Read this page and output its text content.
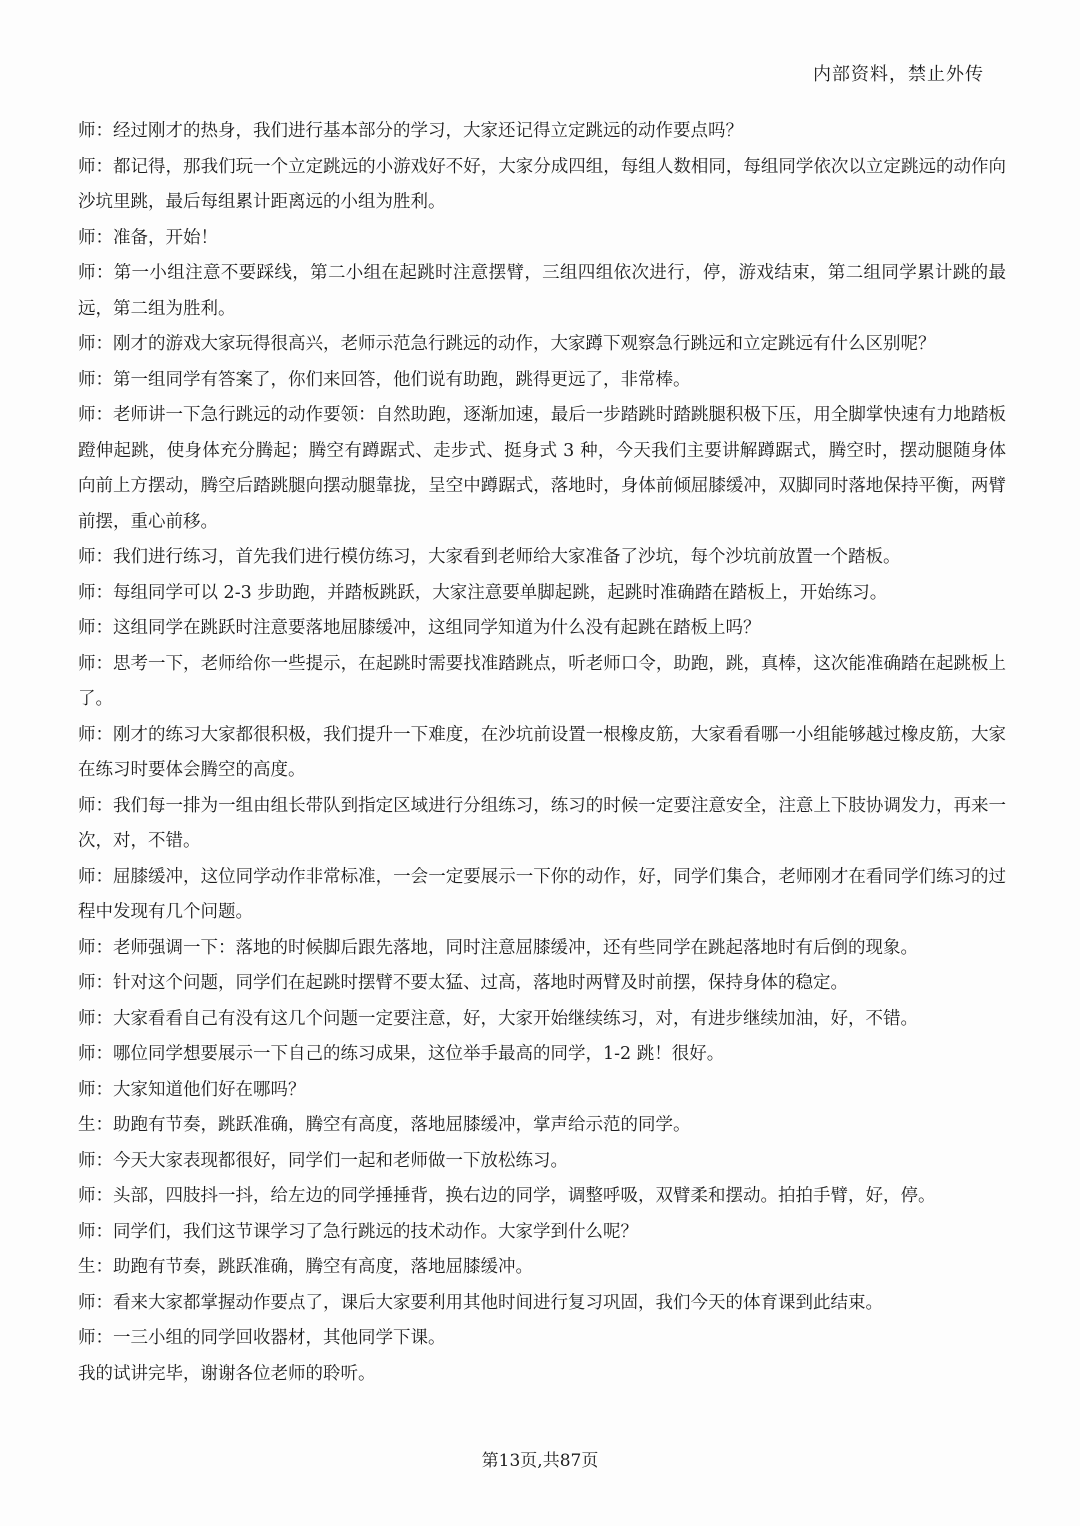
内部资料，禁止外传

师：经过刚才的热身，我们进行基本部分的学习，大家还记得立定跳远的动作要点吗？

师：都记得，那我们玩一个立定跳远的小游戏好不好，大家分成四组，每组人数相同，每组同学依次以立定跳远的动作向沙坑里跳，最后每组累计距离远的小组为胜利。

师：准备，开始！

师：第一小组注意不要踩线，第二小组在起跳时注意摆臂，三组四组依次进行，停，游戏结束，第二组同学累计跳的最远，第二组为胜利。

师：刚才的游戏大家玩得很高兴，老师示范急行跳远的动作，大家蹲下观察急行跳远和立定跳远有什么区别呢？

师：第一组同学有答案了，你们来回答，他们说有助跑，跳得更远了，非常棒。

师：老师讲一下急行跳远的动作要领：自然助跑，逐渐加速，最后一步踏跳时踏跳腿积极下压，用全脚掌快速有力地踏板蹬伸起跳，使身体充分腾起；腾空有蹲踞式、走步式、挺身式 3 种，今天我们主要讲解蹲踞式，腾空时，摆动腿随身体向前上方摆动，腾空后踏跳腿向摆动腿靠拢，呈空中蹲踞式，落地时，身体前倾屈膝缓冲，双脚同时落地保持平衡，两臂前摆，重心前移。

师：我们进行练习，首先我们进行模仿练习，大家看到老师给大家准备了沙坑，每个沙坑前放置一个踏板。

师：每组同学可以 2-3 步助跑，并踏板跳跃，大家注意要单脚起跳，起跳时准确踏在踏板上，开始练习。

师：这组同学在跳跃时注意要落地屈膝缓冲，这组同学知道为什么没有起跳在踏板上吗？

师：思考一下，老师给你一些提示，在起跳时需要找准踏跳点，听老师口令，助跑，跳，真棒，这次能准确踏在起跳板上了。

师：刚才的练习大家都很积极，我们提升一下难度，在沙坑前设置一根橡皮筋，大家看看哪一小组能够越过橡皮筋，大家在练习时要体会腾空的高度。

师：我们每一排为一组由组长带队到指定区域进行分组练习，练习的时候一定要注意安全，注意上下肢协调发力，再来一次，对，不错。

师：屈膝缓冲，这位同学动作非常标准，一会一定要展示一下你的动作，好，同学们集合，老师刚才在看同学们练习的过程中发现有几个问题。

师：老师强调一下：落地的时候脚后跟先落地，同时注意屈膝缓冲，还有些同学在跳起落地时有后倒的现象。

师：针对这个问题，同学们在起跳时摆臂不要太猛、过高，落地时两臂及时前摆，保持身体的稳定。

师：大家看看自己有没有这几个问题一定要注意，好，大家开始继续练习，对，有进步继续加油，好，不错。

师：哪位同学想要展示一下自己的练习成果，这位举手最高的同学，1-2 跳！很好。

师：大家知道他们好在哪吗？

生：助跑有节奏，跳跃准确，腾空有高度，落地屈膝缓冲，掌声给示范的同学。

师：今天大家表现都很好，同学们一起和老师做一下放松练习。

师：头部，四肢抖一抖，给左边的同学捶捶背，换右边的同学，调整呼吸，双臂柔和摆动。拍拍手臂，好，停。

师：同学们，我们这节课学习了急行跳远的技术动作。大家学到什么呢？

生：助跑有节奏，跳跃准确，腾空有高度，落地屈膝缓冲。

师：看来大家都掌握动作要点了，课后大家要利用其他时间进行复习巩固，我们今天的体育课到此结束。

师：一三小组的同学回收器材，其他同学下课。

我的试讲完毕，谢谢各位老师的聆听。

第13页,共87页
